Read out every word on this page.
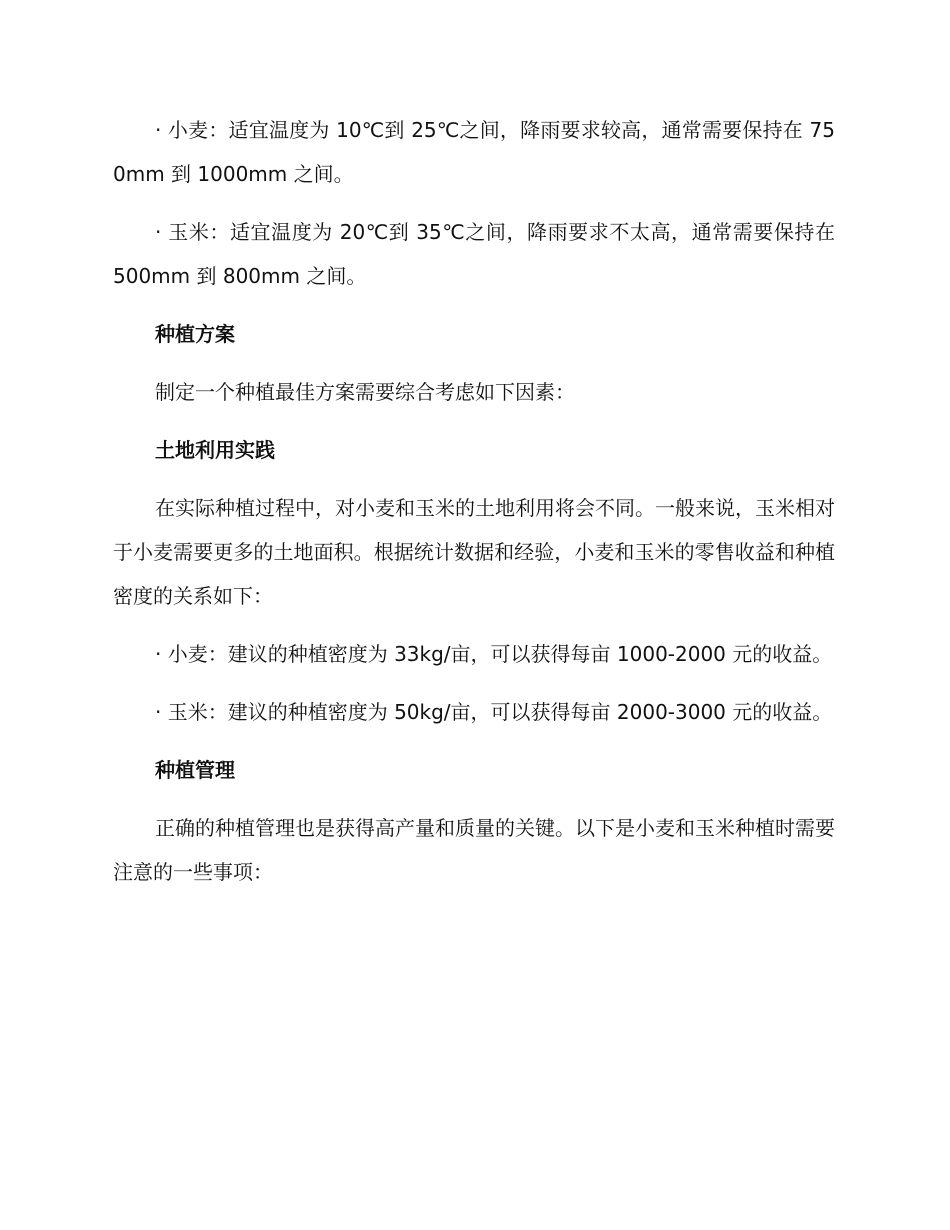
· 小麦：适宜温度为 10℃到 25℃之间，降雨要求较高，通常需要保持在 750mm 到 1000mm 之间。

· 玉米：适宜温度为 20℃到 35℃之间，降雨要求不太高，通常需要保持在 500mm 到 800mm 之间。

种植方案

制定一个种植最佳方案需要综合考虑如下因素：

土地利用实践

在实际种植过程中，对小麦和玉米的土地利用将会不同。一般来说，玉米相对于小麦需要更多的土地面积。根据统计数据和经验，小麦和玉米的零售收益和种植密度的关系如下：

· 小麦：建议的种植密度为 33kg/亩，可以获得每亩 1000-2000 元的收益。

· 玉米：建议的种植密度为 50kg/亩，可以获得每亩 2000-3000 元的收益。

种植管理

正确的种植管理也是获得高产量和质量的关键。以下是小麦和玉米种植时需要注意的一些事项：
